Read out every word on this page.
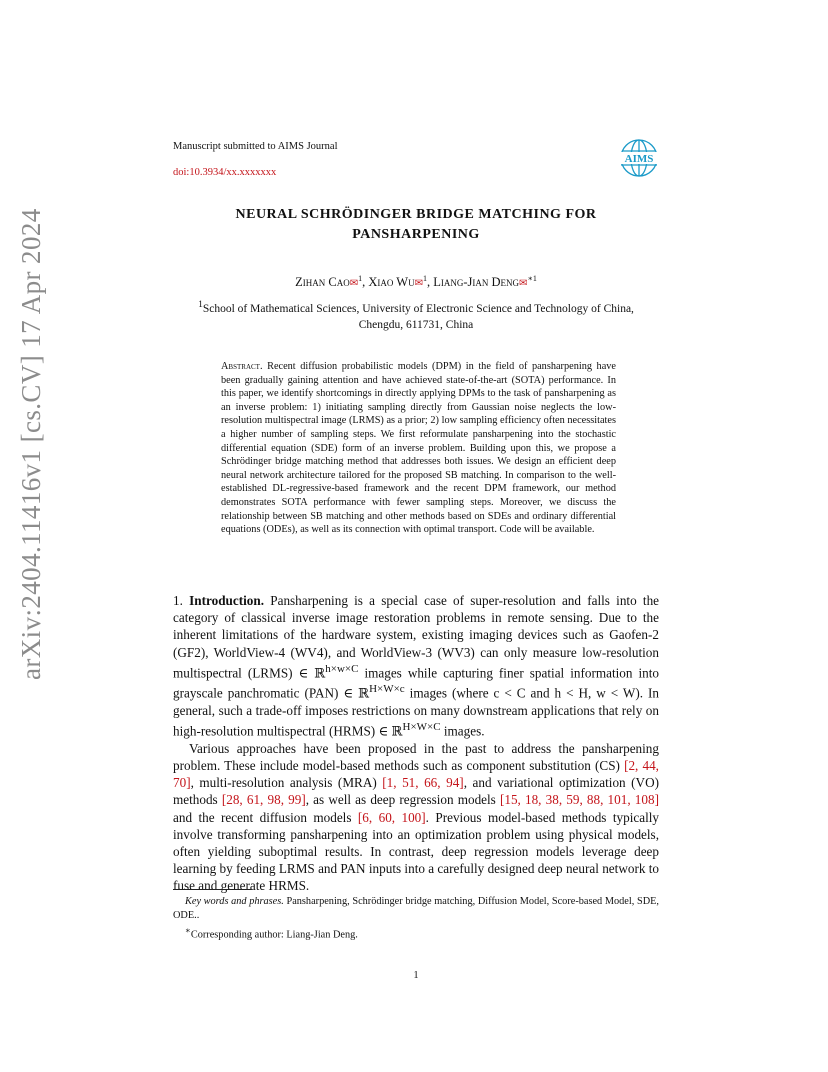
arXiv:2404.11416v1 [cs.CV] 17 Apr 2024
Manuscript submitted to AIMS Journal
doi:10.3934/xx.xxxxxxx
AIMS
NEURAL SCHRÖDINGER BRIDGE MATCHING FOR
PANSHARPENING
Zihan Cao✉$^1$, Xiao Wu✉$^1$, Liang-Jian Deng✉$^{∗1}$
$^1$School of Mathematical Sciences, University of Electronic Science and Technology of China,
Chengdu, 611731, China
Abstract. Recent diffusion probabilistic models (DPM) in the field of pansharpening have been gradually gaining attention and have achieved state-of-the-art (SOTA) performance. In this paper, we identify shortcomings in directly applying DPMs to the task of pansharpening as an inverse problem: 1) initiating sampling directly from Gaussian noise neglects the low-resolution multispectral image (LRMS) as a prior; 2) low sampling efficiency often necessitates a higher number of sampling steps. We first reformulate pansharpening into the stochastic differential equation (SDE) form of an inverse problem. Building upon this, we propose a Schrödinger bridge matching method that addresses both issues. We design an efficient deep neural network architecture tailored for the proposed SB matching. In comparison to the well-established DL-regressive-based framework and the recent DPM framework, our method demonstrates SOTA performance with fewer sampling steps. Moreover, we discuss the relationship between SB matching and other methods based on SDEs and ordinary differential equations (ODEs), as well as its connection with optimal transport. Code will be available.

1. Introduction. Pansharpening is a special case of super-resolution and falls into the category of classical inverse image restoration problems in remote sensing. Due to the inherent limitations of the hardware system, existing imaging devices such as Gaofen-2 (GF2), WorldView-4 (WV4), and WorldView-3 (WV3) can only measure low-resolution multispectral (LRMS) ∈ ℝ$^{h\times w\times C}$ images while capturing finer spatial information into grayscale panchromatic (PAN) ∈ ℝ$^{H\times W\times c}$ images (where c < C and h < H, w < W). In general, such a trade-off imposes restrictions on many downstream applications that rely on high-resolution multispectral (HRMS) ∈ ℝ$^{H\times W\times C}$ images.

Various approaches have been proposed in the past to address the pansharpening problem. These include model-based methods such as component substitution (CS) [2, 44, 70], multi-resolution analysis (MRA) [1, 51, 66, 94], and variational optimization (VO) methods [28, 61, 98, 99], as well as deep regression models [15, 18, 38, 59, 88, 101, 108] and the recent diffusion models [6, 60, 100]. Previous model-based methods typically involve transforming pansharpening into an optimization problem using physical models, often yielding suboptimal results. In contrast, deep regression models leverage deep learning by feeding LRMS and PAN inputs into a carefully designed deep neural network to fuse and generate HRMS.

Key words and phrases. Pansharpening, Schrödinger bridge matching, Diffusion Model, Score-based Model, SDE, ODE..

∗Corresponding author: Liang-Jian Deng.

1
